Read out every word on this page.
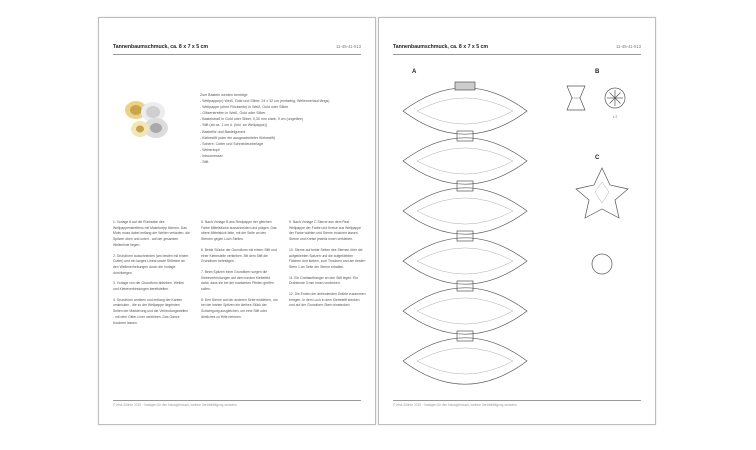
Tannenbaumschmuck, ca. 8 x 7 x 5 cm	11-45-41-013
Zum Basteln werden benötigt:
- Wellpappe(n) Weiß, Gold und Silber, 24 x 32 cm (einfarbig, Wellenverlauf längs)
- Wellpappe (ohne Rückseite) in Weiß, Gold oder Silber
- Glitzerstreifen in Weiß, Gold oder Silber
- Bastelstraß in Gold oder Silber, 0,30 mm stark, 9 cm (ungefähr)
- Stift (ab ca. 1 cm ü. (inkl. an Wellpappe))
- Bastelfilz und Bastelgummi
- Klebestift (oder ein ausgearbeiteter Klebestift)
- Schere, Cutter und Schneideunterlage
- Weberkopf
- Inbusmesser
- Stift

1. Vorlage A auf die Rückseite des Wellpappenstreifens mit Malerkrepp fixieren. Das Motiv muss dabei entlang der Wellen verlaufen, die Spitzen oben und unten - auf der gesamten Wellenlinie liegen.

2. Grundform ausschneiden (am besten mit einem Cutter) und ein langes Lineal sowie Stiftmine an den Wellenerhebungen durch die Vorlage durchbiegen.

3. Vorlage von der Grundform abheben. Wellen und Klebeverbindungen bereitstellen.

4. Grundform anritzen und entlang der Kanten umknicken - die zu der Wellpappe liegenden Seiten der Markierung und die Verbindungsstellen - mit dem Gitter-Liner verkleben. Das Ganze trocknen lassen.

5. Nach Vorlage B aus Restpappe der gleichen Farbe Mittelstücke ausschneiden und prägen. Das obere Mittelstück bitte, mit der Seite an den Sternen gegen Loch Stellen.

6. Beide Stücke der Grundform mit einem Stift und einer Klebestelle verkleben. Mit dem Stift die Grundform befestigen.

7. Beim Spitzen einer Grundform sorgen die Klebeverbindungen auf dem runden Klebefeld dafür, dass sie bei der markierten Pfeilen greifen sollen.

8. Den Sterne auf der anderen Seite einkleben, um bei der letzten Spitzen ein kleines Stück der Schwingung ausgleichen, um eine Stift oder ähnliches zu Hilfe nehmen.

9. Nach Vorlage C Sterne aus dem Rest Wellpappe der Farbe und Kreise aus Wellpappe der Farbe wählen und Sterne trocknen lassen. Sterne und Kreise jeweils innen verkleben.

10. Sterne auf beide Seiten des Sternen über die aufgeklebten Spitzen und die aufgeklebten Flächen dort kleben, zum Trocknen und am besten Stern 1 an Seite der Sterne erhalten.

11. Ein Drahtaufhänger an den Stift legen. Ein Drahtende 3 mm innen verdrehen.

12. Die Enden der anbindenden Drähte zusammen bringen. In dem Loch in dem Klebestift stecken und auf der Grundform Stern einstecken.

© Irina Zöllner 2015 · Vorlagen für den Hausgebrauch, weitere Vervielfältigung verboten
Tannenbaumschmuck, ca. 8 x 7 x 5 cm	11-45-41-013
A	B
C
x 2
© Irina Zöllner 2015 · Vorlagen für den Hausgebrauch, weitere Vervielfältigung verboten
